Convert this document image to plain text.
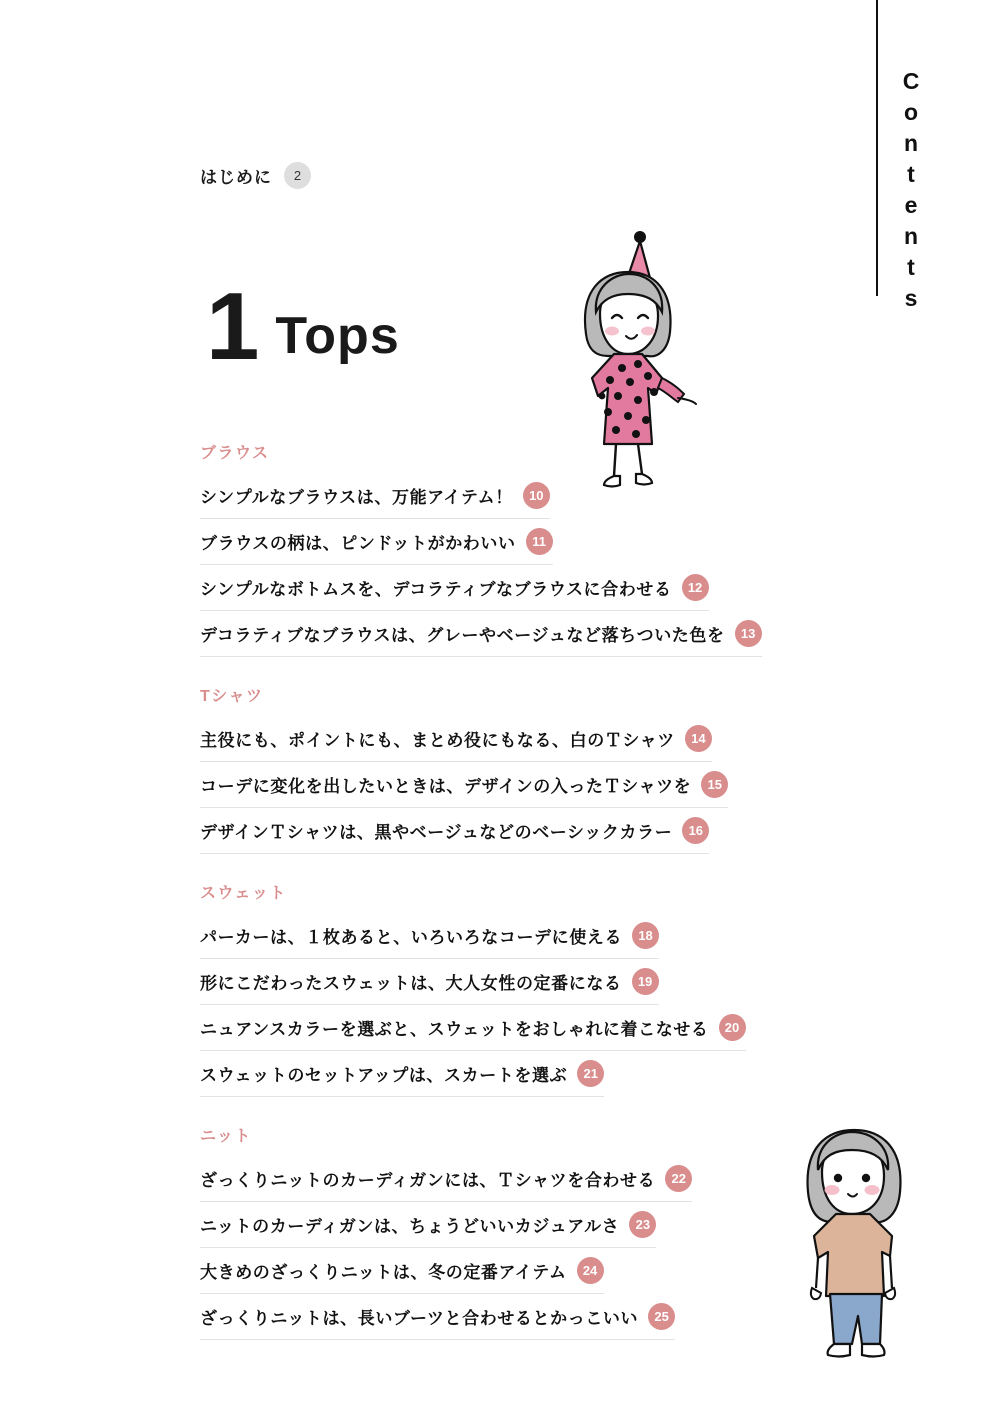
Contents
はじめに	2
1 Tops
ブラウス
シンプルなブラウスは、万能アイテム！	10
ブラウスの柄は、ピンドットがかわいい	11
シンプルなボトムスを、デコラティブなブラウスに合わせる	12
デコラティブなブラウスは、グレーやベージュなど落ちついた色を	13
Tシャツ
主役にも、ポイントにも、まとめ役にもなる、白のＴシャツ	14
コーデに変化を出したいときは、デザインの入ったＴシャツを	15
デザインＴシャツは、黒やベージュなどのベーシックカラー	16
スウェット
パーカーは、１枚あると、いろいろなコーデに使える	18
形にこだわったスウェットは、大人女性の定番になる	19
ニュアンスカラーを選ぶと、スウェットをおしゃれに着こなせる	20
スウェットのセットアップは、スカートを選ぶ	21
ニット
ざっくりニットのカーディガンには、Ｔシャツを合わせる	22
ニットのカーディガンは、ちょうどいいカジュアルさ	23
大きめのざっくりニットは、冬の定番アイテム	24
ざっくりニットは、長いブーツと合わせるとかっこいい	25
